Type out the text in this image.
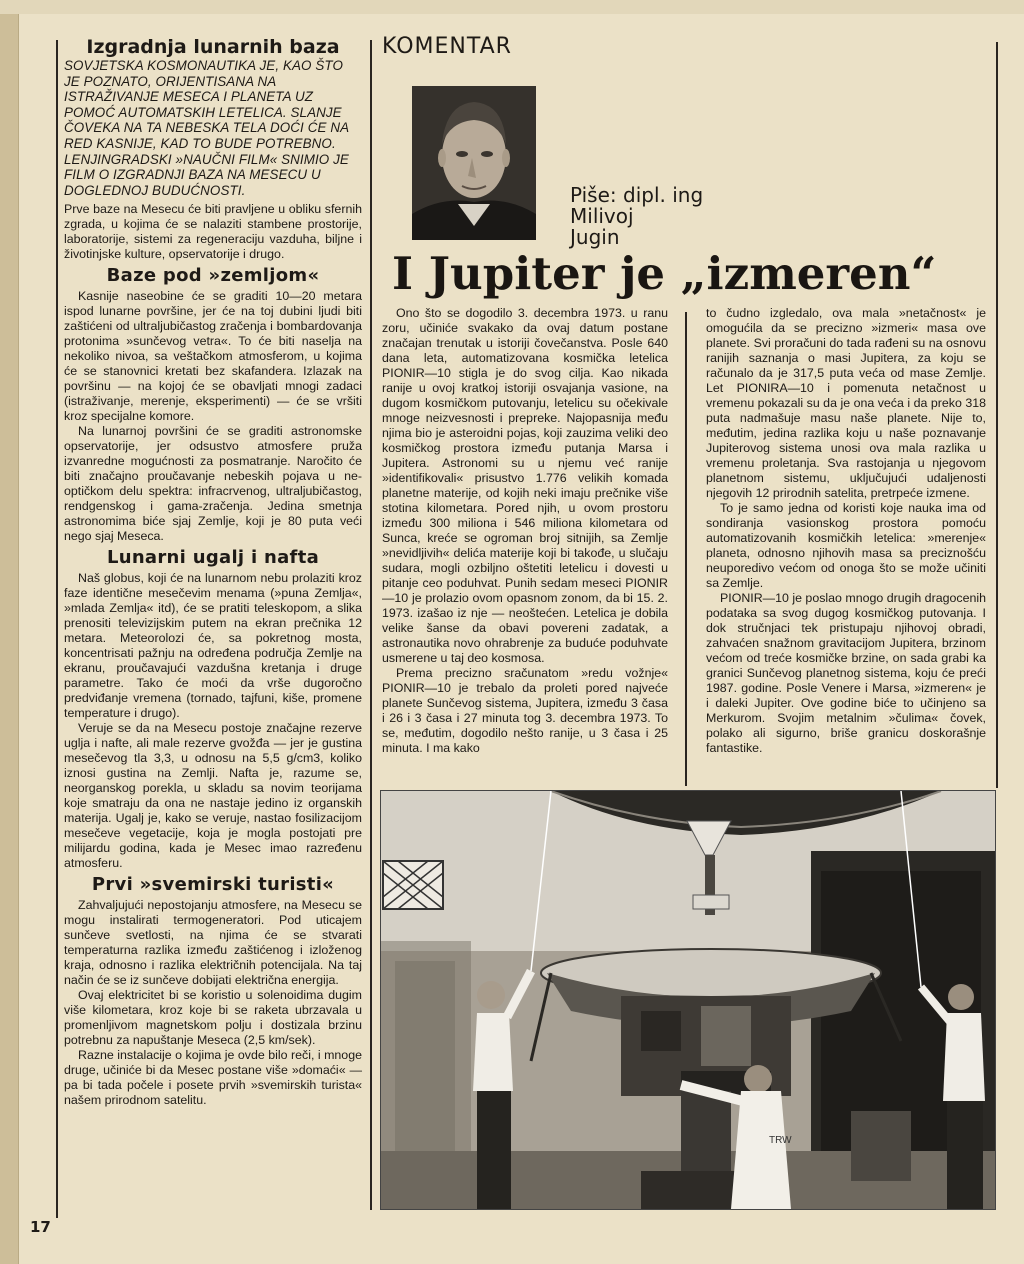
Izgradnja lunarnih baza

SOVJETSKA KOSMONAUTIKA JE, KAO ŠTO JE POZNATO, ORIJENTISANA NA ISTRAŽIVANJE MESECA I PLANETA UZ POMOĆ AUTOMATSKIH LETELICA. SLANJE ČOVEKA NA TA NEBESKA TELA DOĆI ĆE NA RED KASNIJE, KAD TO BUDE POTREBNO. LENJINGRADSKI »NAUČNI FILM« SNIMIO JE FILM O IZGRADNJI BAZA NA MESECU U DOGLEDNOJ BUDUĆNOSTI.

Prve baze na Mesecu će biti pravljene u obliku sfernih zgrada, u kojima će se nalaziti stambene prostorije, laboratorije, sistemi za regeneraciju vazduha, biljne i životinjske kulture, opservatorije i drugo.

Baze pod »zemljom«

Kasnije naseobine će se graditi 10—20 metara ispod lunarne površine, jer će na toj dubini ljudi biti zaštićeni od ultraljubičastog zračenja i bombardovanja protonima »sunčevog vetra«. To će biti naselja na nekoliko nivoa, sa veštačkom atmosferom, u kojima će se stanovnici kretati bez skafandera. Izlazak na površinu — na kojoj će se obavljati mnogi zadaci (istraživanje, merenje, eksperimenti) — će se vršiti kroz specijalne komore.

Na lunarnoj površini će se graditi astronomske opservatorije, jer odsustvo atmosfere pruža izvanredne mogućnosti za posmatranje. Naročito će biti značajno proučavanje nebeskih pojava u ne-optičkom delu spektra: infracrvenog, ultraljubičastog, rendgenskog i gama-zračenja. Jedina smetnja astronomima biće sjaj Zemlje, koji je 80 puta veći nego sjaj Meseca.

Lunarni ugalj i nafta

Naš globus, koji će na lunarnom nebu prolaziti kroz faze identične mesečevim menama (»puna Zemlja«, »mlada Zemlja« itd), će se pratiti teleskopom, a slika prenositi televizijskim putem na ekran prečnika 12 metara. Meteorolozi će, sa pokretnog mosta, koncentrisati pažnju na određena područja Zemlje na ekranu, proučavajući vazdušna kretanja i druge parametre. Tako će moći da vrše dugoročno predviđanje vremena (tornado, tajfuni, kiše, promene temperature i drugo).

Veruje se da na Mesecu postoje značajne rezerve uglja i nafte, ali male rezerve gvožđa — jer je gustina mesečevog tla 3,3, u odnosu na 5,5 g/cm3, koliko iznosi gustina na Zemlji. Nafta je, razume se, neorganskog porekla, u skladu sa novim teorijama koje smatraju da ona ne nastaje jedino iz organskih materija. Ugalj je, kako se veruje, nastao fosilizacijom mesečeve vegetacije, koja je mogla postojati pre milijardu godina, kada je Mesec imao razređenu atmosferu.

Prvi »svemirski turisti«

Zahvaljujući nepostojanju atmosfere, na Mesecu se mogu instalirati termogeneratori. Pod uticajem sunčeve svetlosti, na njima će se stvarati temperaturna razlika između zaštićenog i izloženog kraja, odnosno i razlika električnih potencijala. Na taj način će se iz sunčeve dobijati električna energija.

Ovaj elektricitet bi se koristio u solenoidima dugim više kilometara, kroz koje bi se raketa ubrzavala u promenljivom magnetskom polju i dostizala brzinu potrebnu za napuštanje Meseca (2,5 km/sek).

Razne instalacije o kojima je ovde bilo reči, i mnoge druge, učiniće bi da Mesec postane više »domaći« — pa bi tada počele i posete prvih »svemirskih turista« našem prirodnom satelitu.

17
KOMENTAR
Piše: dipl. ing
Milivoj
Jugin
I Jupiter je „izmeren“

Ono što se dogodilo 3. decembra 1973. u ranu zoru, učiniće svakako da ovaj datum postane značajan trenutak u istoriji čovečanstva. Posle 640 dana leta, automatizovana kosmička letelica PIONIR—10 stigla je do svog cilja. Kao nikada ranije u ovoj kratkoj istoriji osvajanja vasione, na dugom kosmičkom putovanju, letelicu su očekivale mnoge neizvesnosti i prepreke. Najopasnija među njima bio je asteroidni pojas, koji zauzima veliki deo kosmičkog prostora između putanja Marsa i Jupitera. Astronomi su u njemu već ranije »identifikovali« prisustvo 1.776 velikih komada planetne materije, od kojih neki imaju prečnike više stotina kilometara. Pored njih, u ovom prostoru između 300 miliona i 546 miliona kilometara od Sunca, kreće se ogroman broj sitnijih, sa Zemlje »nevidljivih« delića materije koji bi takođe, u slučaju sudara, mogli ozbiljno oštetiti letelicu i dovesti u pitanje ceo poduhvat. Punih sedam meseci PIONIR—10 je prolazio ovom opasnom zonom, da bi 15. 2. 1973. izašao iz nje — neoštećen. Letelica je dobila velike šanse da obavi povereni zadatak, a astronautika novo ohrabrenje za buduće poduhvate usmerene u taj deo kosmosa.

Prema precizno sračunatom »redu vožnje« PIONIR—10 je trebalo da proleti pored najveće planete Sunčevog sistema, Jupitera, između 3 časa i 26 i 3 časa i 27 minuta tog 3. decembra 1973. To se, međutim, dogodilo nešto ranije, u 3 časa i 25 minuta. I ma kako

to čudno izgledalo, ova mala »netačnost« je omogućila da se precizno »izmeri« masa ove planete. Svi proračuni do tada rađeni su na osnovu ranijih saznanja o masi Jupitera, za koju se računalo da je 317,5 puta veća od mase Zemlje. Let PIONIRA—10 i pomenuta netačnost u vremenu pokazali su da je ona veća i da preko 318 puta nadmašuje masu naše planete. Nije to, međutim, jedina razlika koju u naše poznavanje Jupiterovog sistema unosi ova mala razlika u vremenu proletanja. Sva rastojanja u njegovom planetnom sistemu, uključujući udaljenosti njegovih 12 prirodnih satelita, pretrpeće izmene.

To je samo jedna od koristi koje nauka ima od sondiranja vasionskog prostora pomoću automatizovanih kosmičkih letelica: »merenje« planeta, odnosno njihovih masa sa preciznošću neuporedivo većom od onoga što se može učiniti sa Zemlje.

PIONIR—10 je poslao mnogo drugih dragocenih podataka sa svog dugog kosmičkog putovanja. I dok stručnjaci tek pristupaju njihovoj obradi, zahvaćen snažnom gravitacijom Jupitera, brzinom većom od treće kosmičke brzine, on sada grabi ka granici Sunčevog planetnog sistema, koju će preći 1987. godine. Posle Venere i Marsa, »izmeren« je i daleki Jupiter. Ove godine biće to učinjeno sa Merkurom. Svojim metalnim »čulima« čovek, polako ali sigurno, briše granicu doskorašnje fantastike.

TRW
